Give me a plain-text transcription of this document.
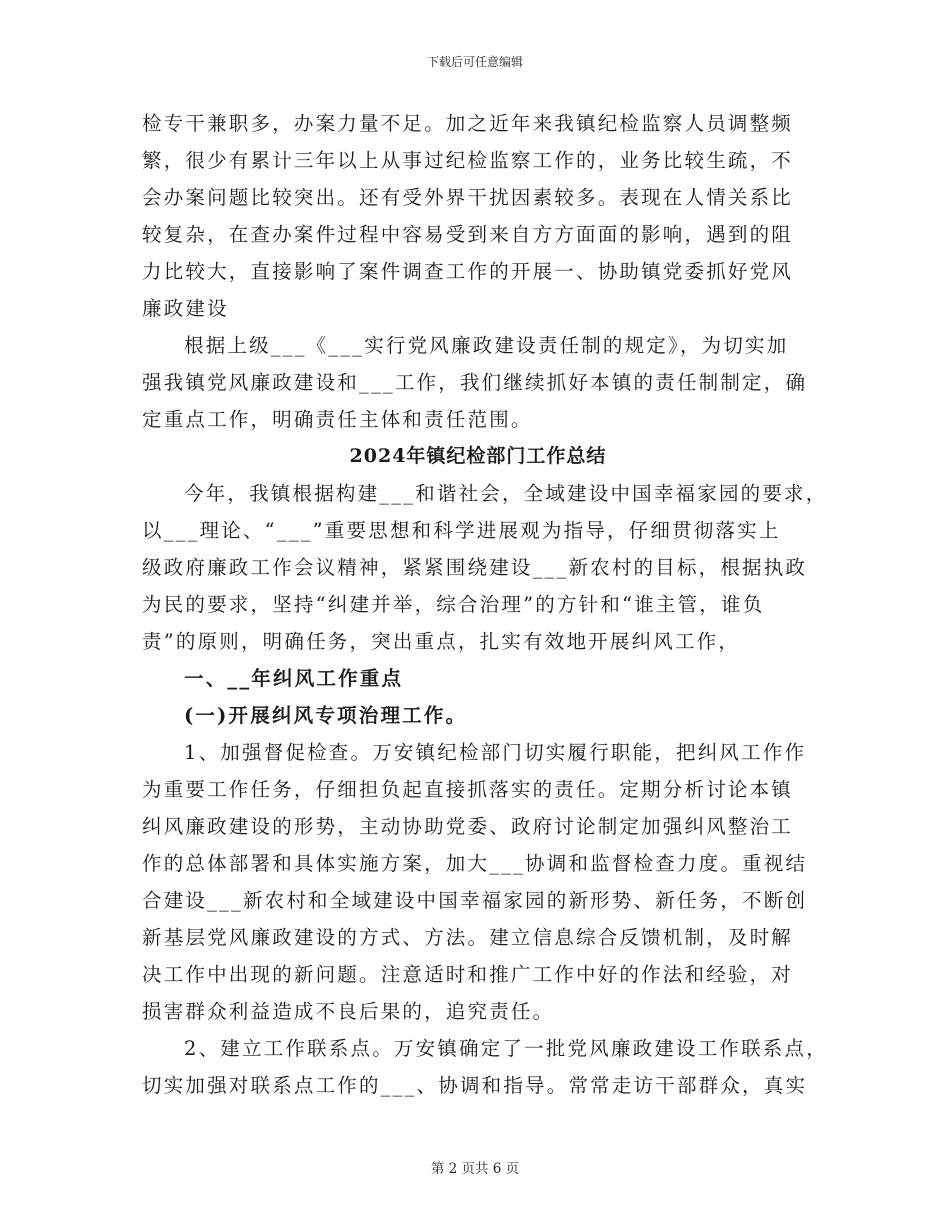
下载后可任意编辑
检专干兼职多，办案力量不足。加之近年来我镇纪检监察人员调整频
繁，很少有累计三年以上从事过纪检监察工作的，业务比较生疏，不
会办案问题比较突出。还有受外界干扰因素较多。表现在人情关系比
较复杂，在查办案件过程中容易受到来自方方面面的影响，遇到的阻
力比较大，直接影响了案件调查工作的开展一、协助镇党委抓好党风
廉政建设
根据上级___《___实行党风廉政建设责任制的规定》，为切实加
强我镇党风廉政建设和___工作，我们继续抓好本镇的责任制制定，确
定重点工作，明确责任主体和责任范围。
2024年镇纪检部门工作总结
今年，我镇根据构建___和谐社会，全域建设中国幸福家园的要求，
以___理论、“___”重要思想和科学进展观为指导，仔细贯彻落实上
级政府廉政工作会议精神，紧紧围绕建设___新农村的目标，根据执政
为民的要求，坚持“纠建并举，综合治理”的方针和“谁主管，谁负
责”的原则，明确任务，突出重点，扎实有效地开展纠风工作，
一、__年纠风工作重点
(一)开展纠风专项治理工作。
1、加强督促检查。万安镇纪检部门切实履行职能，把纠风工作作
为重要工作任务，仔细担负起直接抓落实的责任。定期分析讨论本镇
纠风廉政建设的形势，主动协助党委、政府讨论制定加强纠风整治工
作的总体部署和具体实施方案，加大___协调和监督检查力度。重视结
合建设___新农村和全域建设中国幸福家园的新形势、新任务，不断创
新基层党风廉政建设的方式、方法。建立信息综合反馈机制，及时解
决工作中出现的新问题。注意适时和推广工作中好的作法和经验，对
损害群众利益造成不良后果的，追究责任。
2、建立工作联系点。万安镇确定了一批党风廉政建设工作联系点，
切实加强对联系点工作的___、协调和指导。常常走访干部群众，真实
第 2 页共 6 页
